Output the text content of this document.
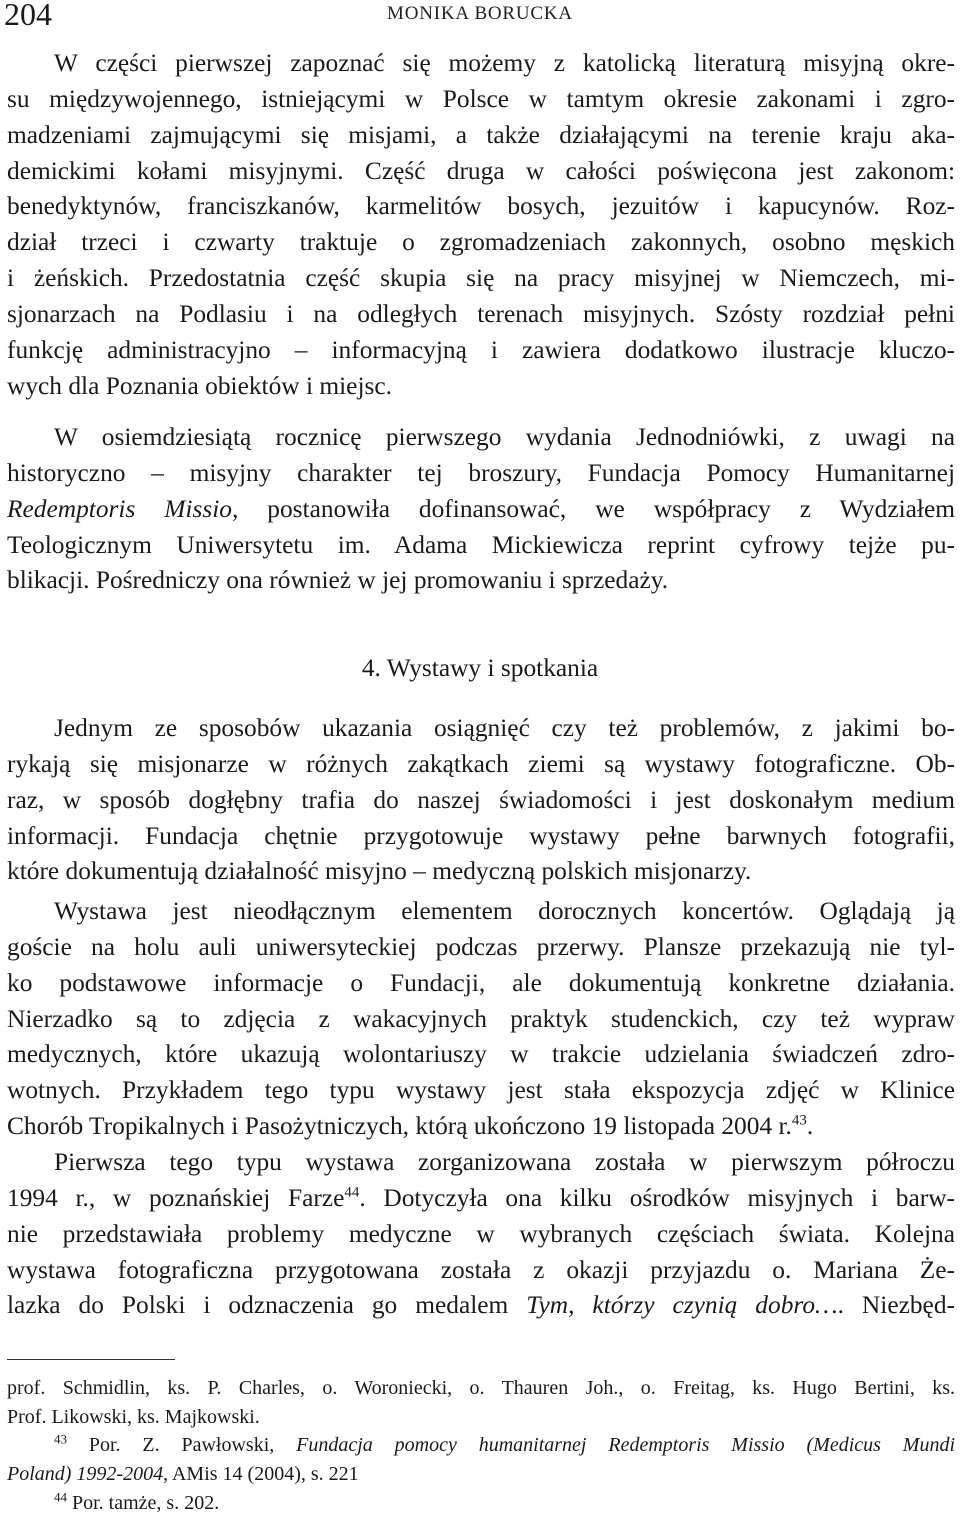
204	MONIKA BORUCKA
W części pierwszej zapoznać się możemy z katolicką literaturą misyjną okre-
su międzywojennego, istniejącymi w Polsce w tamtym okresie zakonami i zgro-
madzeniami zajmującymi się misjami, a także działającymi na terenie kraju aka-
demickimi kołami misyjnymi. Część druga w całości poświęcona jest zakonom:
benedyktynów, franciszkanów, karmelitów bosych, jezuitów i kapucynów. Roz-
dział trzeci i czwarty traktuje o zgromadzeniach zakonnych, osobno męskich
i żeńskich. Przedostatnia część skupia się na pracy misyjnej w Niemczech, mi-
sjonarzach na Podlasiu i na odległych terenach misyjnych. Szósty rozdział pełni
funkcję administracyjno – informacyjną i zawiera dodatkowo ilustracje kluczo-
wych dla Poznania obiektów i miejsc.
W osiemdziesiątą rocznicę pierwszego wydania Jednodniówki, z uwagi na
historyczno – misyjny charakter tej broszury, Fundacja Pomocy Humanitarnej
Redemptoris Missio, postanowiła dofinansować, we współpracy z Wydziałem
Teologicznym Uniwersytetu im. Adama Mickiewicza reprint cyfrowy tejże pu-
blikacji. Pośredniczy ona również w jej promowaniu i sprzedaży.
4. Wystawy i spotkania
Jednym ze sposobów ukazania osiągnięć czy też problemów, z jakimi bo-
rykają się misjonarze w różnych zakątkach ziemi są wystawy fotograficzne. Ob-
raz, w sposób dogłębny trafia do naszej świadomości i jest doskonałym medium
informacji. Fundacja chętnie przygotowuje wystawy pełne barwnych fotografii,
które dokumentują działalność misyjno – medyczną polskich misjonarzy.
Wystawa jest nieodłącznym elementem dorocznych koncertów. Oglądają ją
goście na holu auli uniwersyteckiej podczas przerwy. Plansze przekazują nie tyl-
ko podstawowe informacje o Fundacji, ale dokumentują konkretne działania.
Nierzadko są to zdjęcia z wakacyjnych praktyk studenckich, czy też wypraw
medycznych, które ukazują wolontariuszy w trakcie udzielania świadczeń zdro-
wotnych. Przykładem tego typu wystawy jest stała ekspozycja zdjęć w Klinice
Chorób Tropikalnych i Pasożytniczych, którą ukończono 19 listopada 2004 r.$^{43}$.
Pierwsza tego typu wystawa zorganizowana została w pierwszym półroczu
1994 r., w poznańskiej Farze$^{44}$. Dotyczyła ona kilku ośrodków misyjnych i barw-
nie przedstawiała problemy medyczne w wybranych częściach świata. Kolejna
wystawa fotograficzna przygotowana została z okazji przyjazdu o. Mariana Że-
lazka do Polski i odznaczenia go medalem Tym, którzy czynią dobro…. Niezbęd-
prof. Schmidlin, ks. P. Charles, o. Woroniecki, o. Thauren Joh., o. Freitag, ks. Hugo Bertini, ks.
Prof. Likowski, ks. Majkowski.
$^{43}$ Por. Z. Pawłowski, Fundacja pomocy humanitarnej Redemptoris Missio (Medicus Mundi
Poland) 1992-2004, AMis 14 (2004), s. 221
$^{44}$ Por. tamże, s. 202.
